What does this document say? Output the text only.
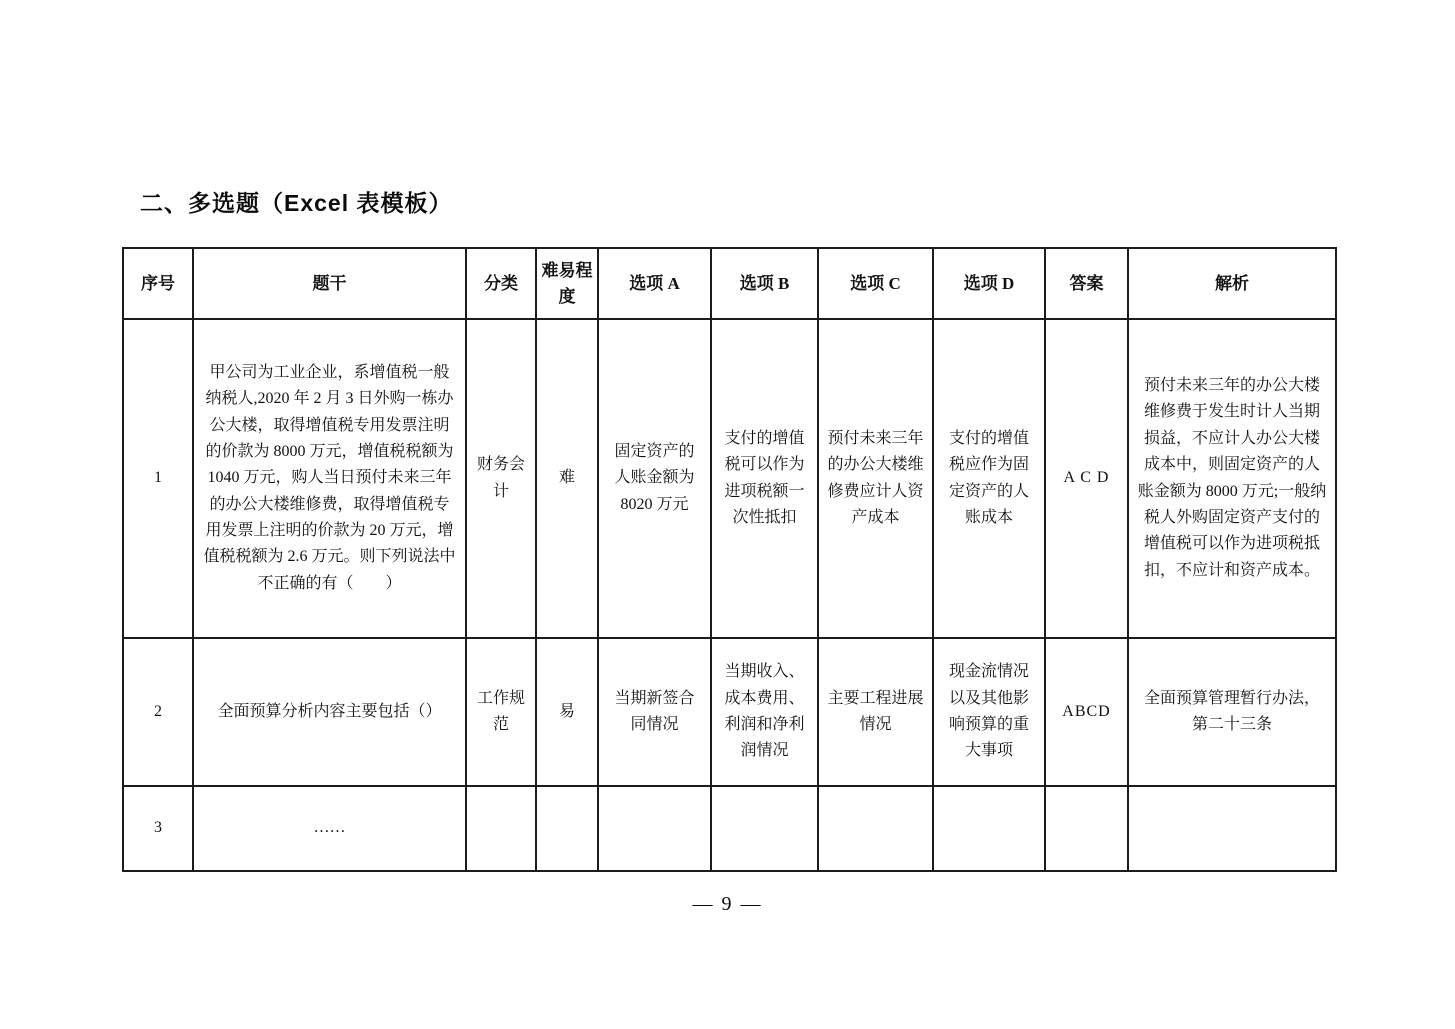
二、多选题（Excel 表模板）
序号	题干	分类	难易程度	选项 A	选项 B	选项 C	选项 D	答案	解析
1	甲公司为工业企业，系增值税一般纳税人,2020 年 2 月 3 日外购一栋办公大楼，取得增值税专用发票注明的价款为 8000 万元，增值税税额为 1040 万元，购人当日预付未来三年的办公大楼维修费，取得增值税专用发票上注明的价款为 20 万元，增值税税额为 2.6 万元。则下列说法中不正确的有（　　）	财务会计	难	固定资产的人账金额为 8020 万元	支付的增值税可以作为进项税额一次性抵扣	预付未来三年的办公大楼维修费应计人资产成本	支付的增值税应作为固定资产的人账成本	A C D	预付未来三年的办公大楼维修费于发生时计人当期损益，不应计人办公大楼成本中，则固定资产的人账金额为 8000 万元;一般纳税人外购固定资产支付的增值税可以作为进项税抵扣，不应计和资产成本。
2	全面预算分析内容主要包括（）	工作规范	易	当期新签合同情况	当期收入、成本费用、利润和净利润情况	主要工程进展情况	现金流情况以及其他影响预算的重大事项	ABCD	全面预算管理暂行办法，第二十三条
3	……								
— 9 —
